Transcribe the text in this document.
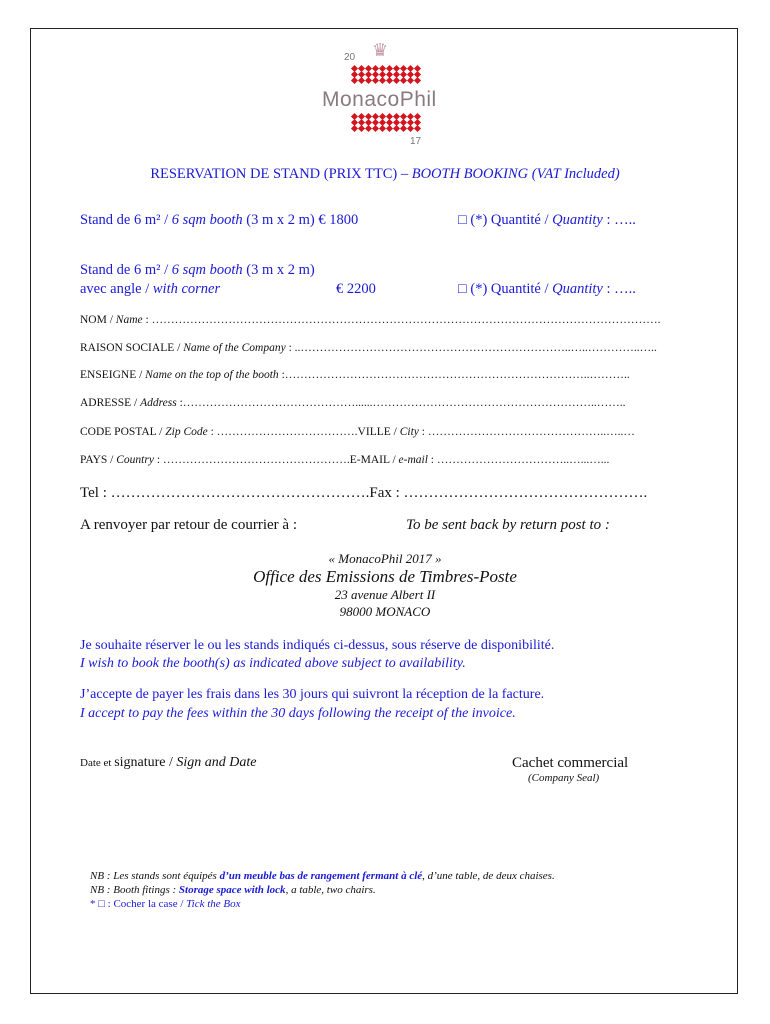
20 ♛
MonacoPhil
17
RESERVATION DE STAND (PRIX TTC) – BOOTH BOOKING (VAT Included)
Stand de 6 m² / 6 sqm booth (3 m x 2 m) € 1800	□ (*) Quantité / Quantity : …..
Stand de 6 m² / 6 sqm booth (3 m x 2 m)
avec angle / with corner	€ 2200	□ (*) Quantité / Quantity : …..
NOM / Name : …………………………………………………………………………………………………………………….
RAISON SOCIALE / Name of the Company : ..……………………………………………………………..…..…………..…..
ENSEIGNE / Name on the top of the booth :……………………………………………………………………..………..
ADRESSE / Address :………………………………………......…………………………………………………..……..
CODE POSTAL / Zip Code : ……………………………….VILLE / City : ………………………………………..…..…
PAYS / Country : ………………………………………….E-MAIL / e-mail : ……………………………..…...…...
Tel : …………………………………………….Fax : ………………………………………….
A renvoyer par retour de courrier à :	To be sent back by return post to :
« MonacoPhil 2017 »
Office des Emissions de Timbres-Poste
23 avenue Albert II
98000 MONACO
Je souhaite réserver le ou les stands indiqués ci-dessus, sous réserve de disponibilité.
I wish to book the booth(s) as indicated above subject to availability.
J’accepte de payer les frais dans les 30 jours qui suivront la réception de la facture.
I accept to pay the fees within the 30 days following the receipt of the invoice.
Date et signature / Sign and Date	Cachet commercial
(Company Seal)
NB : Les stands sont équipés d’un meuble bas de rangement fermant à clé, d’une table, de deux chaises.
NB : Booth fitings : Storage space with lock, a table, two chairs.
* □ : Cocher la case / Tick the Box
